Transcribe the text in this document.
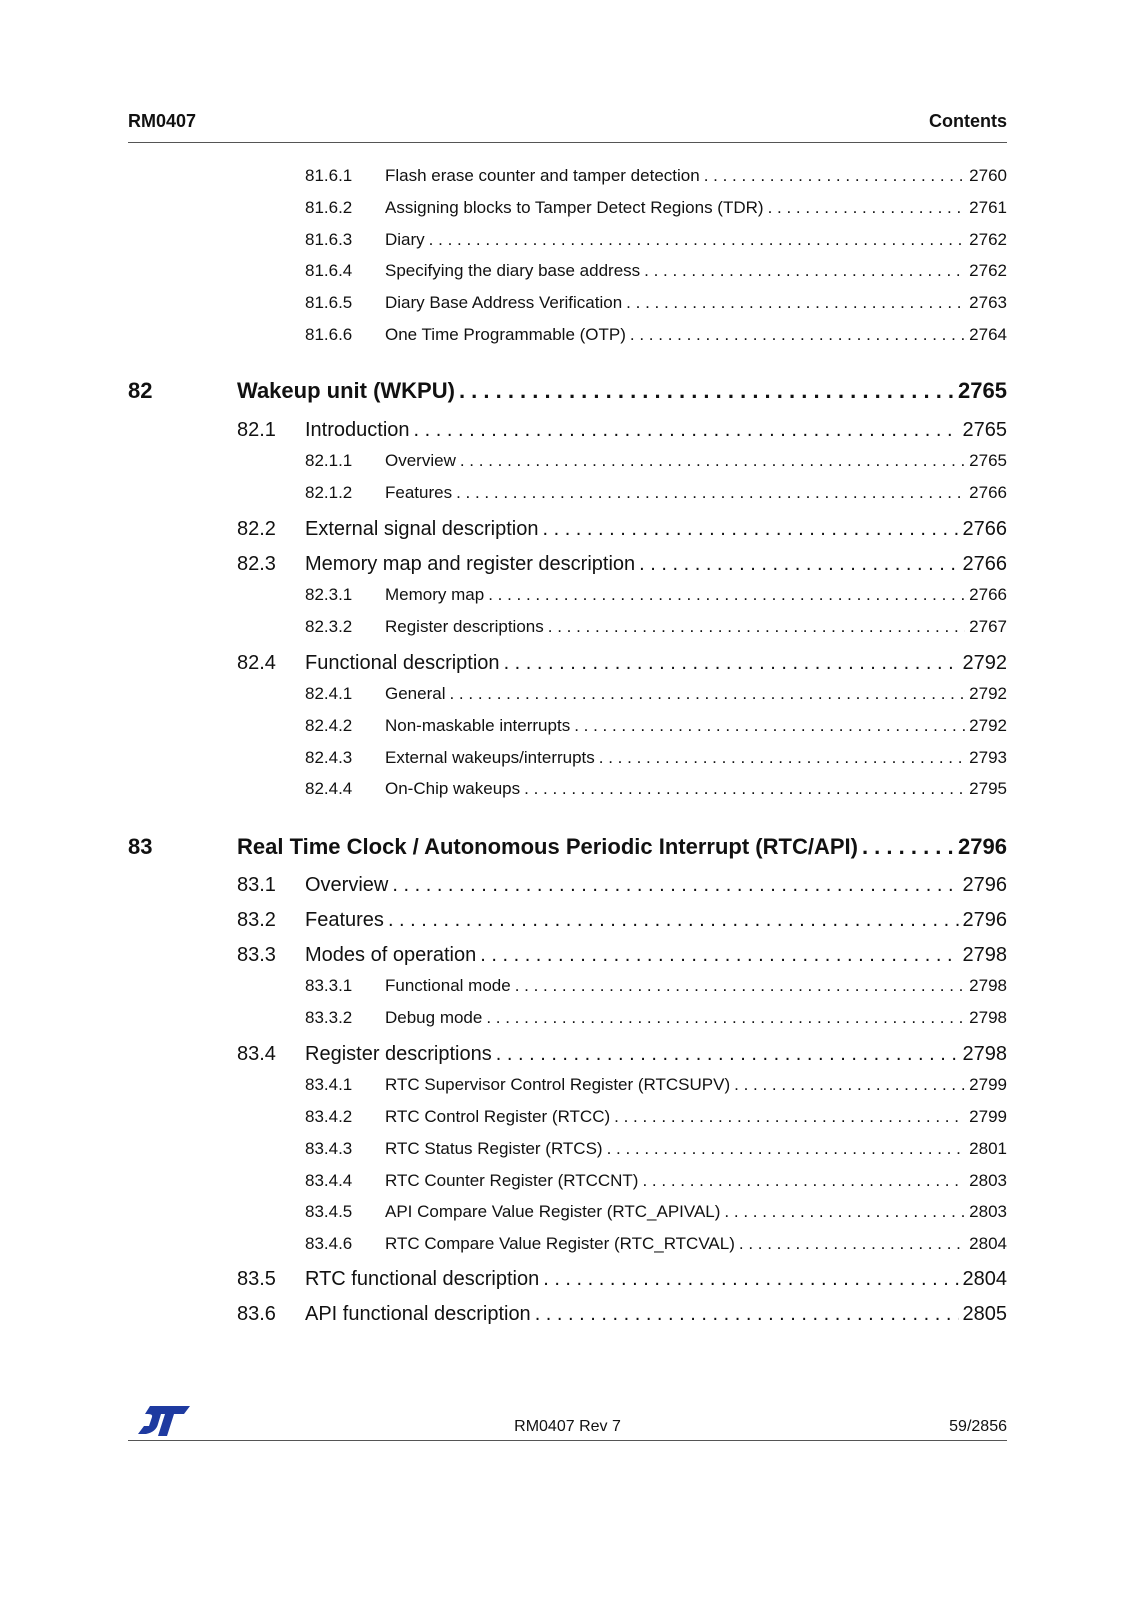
RM0407	Contents
81.6.1	Flash erase counter and tamper detection . . .	2760
81.6.2	Assigning blocks to Tamper Detect Regions (TDR) . . .	2761
81.6.3	Diary . . .	2762
81.6.4	Specifying the diary base address . . .	2762
81.6.5	Diary Base Address Verification . . .	2763
81.6.6	One Time Programmable (OTP) . . .	2764
82	Wakeup unit (WKPU) . . .	2765
82.1	Introduction . . .	2765
82.1.1	Overview . . .	2765
82.1.2	Features . . .	2766
82.2	External signal description . . .	2766
82.3	Memory map and register description . . .	2766
82.3.1	Memory map . . .	2766
82.3.2	Register descriptions . . .	2767
82.4	Functional description . . .	2792
82.4.1	General . . .	2792
82.4.2	Non-maskable interrupts . . .	2792
82.4.3	External wakeups/interrupts . . .	2793
82.4.4	On-Chip wakeups . . .	2795
83	Real Time Clock / Autonomous Periodic Interrupt (RTC/API) . . .	2796
83.1	Overview . . .	2796
83.2	Features . . .	2796
83.3	Modes of operation . . .	2798
83.3.1	Functional mode . . .	2798
83.3.2	Debug mode . . .	2798
83.4	Register descriptions . . .	2798
83.4.1	RTC Supervisor Control Register (RTCSUPV) . . .	2799
83.4.2	RTC Control Register (RTCC) . . .	2799
83.4.3	RTC Status Register (RTCS) . . .	2801
83.4.4	RTC Counter Register (RTCCNT) . . .	2803
83.4.5	API Compare Value Register (RTC_APIVAL) . . .	2803
83.4.6	RTC Compare Value Register (RTC_RTCVAL) . . .	2804
83.5	RTC functional description . . .	2804
83.6	API functional description . . .	2805
RM0407 Rev 7	59/2856
